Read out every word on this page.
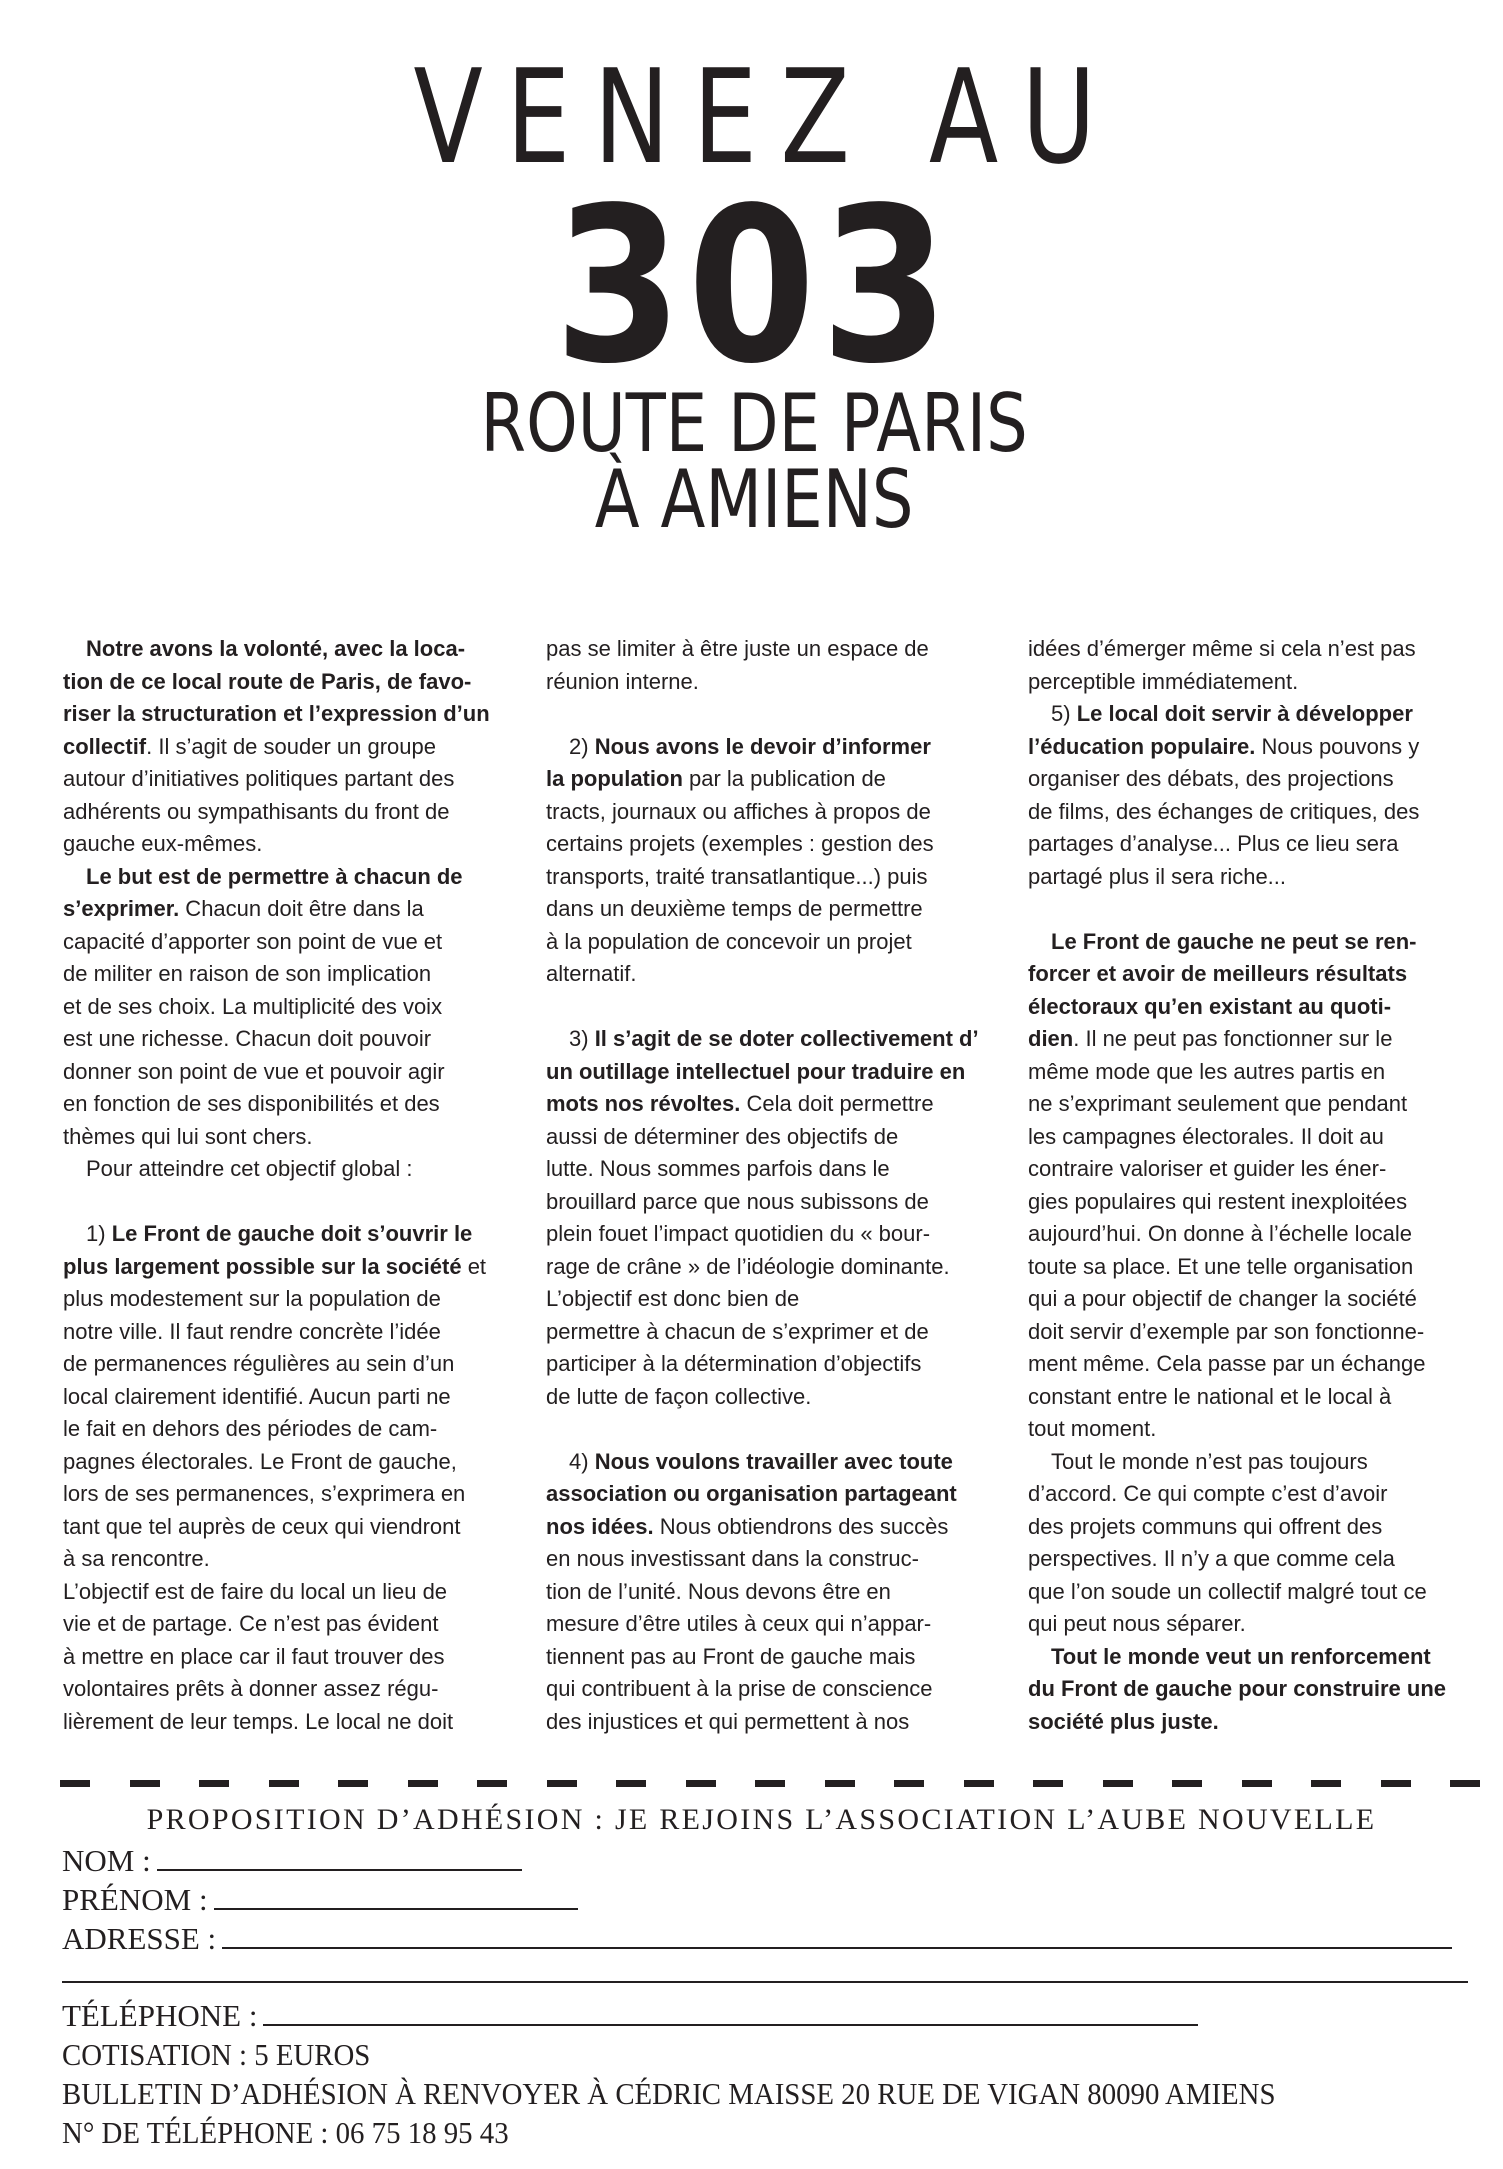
VENEZ AU
303
ROUTE DE PARIS
À AMIENS
Notre avons la volonté, avec la loca-
tion de ce local route de Paris, de favo-
riser la structuration et l’expression d’un
collectif. Il s’agit de souder un groupe
autour d’initiatives politiques partant des
adhérents ou sympathisants du front de
gauche eux-mêmes.
Le but est de permettre à chacun de
s’exprimer. Chacun doit être dans la
capacité d’apporter son point de vue et
de militer en raison de son implication
et de ses choix. La multiplicité des voix
est une richesse. Chacun doit pouvoir
donner son point de vue et pouvoir agir
en fonction de ses disponibilités et des
thèmes qui lui sont chers.
Pour atteindre cet objectif global :
1) Le Front de gauche doit s’ouvrir le
plus largement possible sur la société et
plus modestement sur la population de
notre ville. Il faut rendre concrète l’idée
de permanences régulières au sein d’un
local clairement identifié. Aucun parti ne
le fait en dehors des périodes de cam-
pagnes électorales. Le Front de gauche,
lors de ses permanences, s’exprimera en
tant que tel auprès de ceux qui viendront
à sa rencontre.
L’objectif est de faire du local un lieu de
vie et de partage. Ce n’est pas évident
à mettre en place car il faut trouver des
volontaires prêts à donner assez régu-
lièrement de leur temps. Le local ne doit
pas se limiter à être juste un espace de
réunion interne.
2) Nous avons le devoir d’informer
la population par la publication de
tracts, journaux ou affiches à propos de
certains projets (exemples : gestion des
transports, traité transatlantique...) puis
dans un deuxième temps de permettre
à la population de concevoir un projet
alternatif.
3) Il s’agit de se doter collectivement d’
un outillage intellectuel pour traduire en
mots nos révoltes. Cela doit permettre
aussi de déterminer des objectifs de
lutte. Nous sommes parfois dans le
brouillard parce que nous subissons de
plein fouet l’impact quotidien du « bour-
rage de crâne » de l’idéologie dominante.
L’objectif est donc bien de
permettre à chacun de s’exprimer et de
participer à la détermination d’objectifs
de lutte de façon collective.
4) Nous voulons travailler avec toute
association ou organisation partageant
nos idées. Nous obtiendrons des succès
en nous investissant dans la construc-
tion de l’unité. Nous devons être en
mesure d’être utiles à ceux qui n’appar-
tiennent pas au Front de gauche mais
qui contribuent à la prise de conscience
des injustices et qui permettent à nos
idées d’émerger même si cela n’est pas
perceptible immédiatement.
5) Le local doit servir à développer
l’éducation populaire. Nous pouvons y
organiser des débats, des projections
de films, des échanges de critiques, des
partages d’analyse... Plus ce lieu sera
partagé plus il sera riche...
Le Front de gauche ne peut se ren-
forcer et avoir de meilleurs résultats
électoraux qu’en existant au quoti-
dien. Il ne peut pas fonctionner sur le
même mode que les autres partis en
ne s’exprimant seulement que pendant
les campagnes électorales. Il doit au
contraire valoriser et guider les éner-
gies populaires qui restent inexploitées
aujourd’hui. On donne à l’échelle locale
toute sa place. Et une telle organisation
qui a pour objectif de changer la société
doit servir d’exemple par son fonctionne-
ment même. Cela passe par un échange
constant entre le national et le local à
tout moment.
Tout le monde n’est pas toujours
d’accord. Ce qui compte c’est d’avoir
des projets communs qui offrent des
perspectives. Il n’y a que comme cela
que l’on soude un collectif malgré tout ce
qui peut nous séparer.
Tout le monde veut un renforcement
du Front de gauche pour construire une
société plus juste.
PROPOSITION D’ADHÉSION : JE REJOINS L’ASSOCIATION L’AUBE NOUVELLE
NOM :
PRÉNOM :
ADRESSE :
TÉLÉPHONE :
COTISATION : 5 EUROS
BULLETIN D’ADHÉSION À RENVOYER À CÉDRIC MAISSE 20 RUE DE VIGAN 80090 AMIENS
N° DE TÉLÉPHONE : 06 75 18 95 43
